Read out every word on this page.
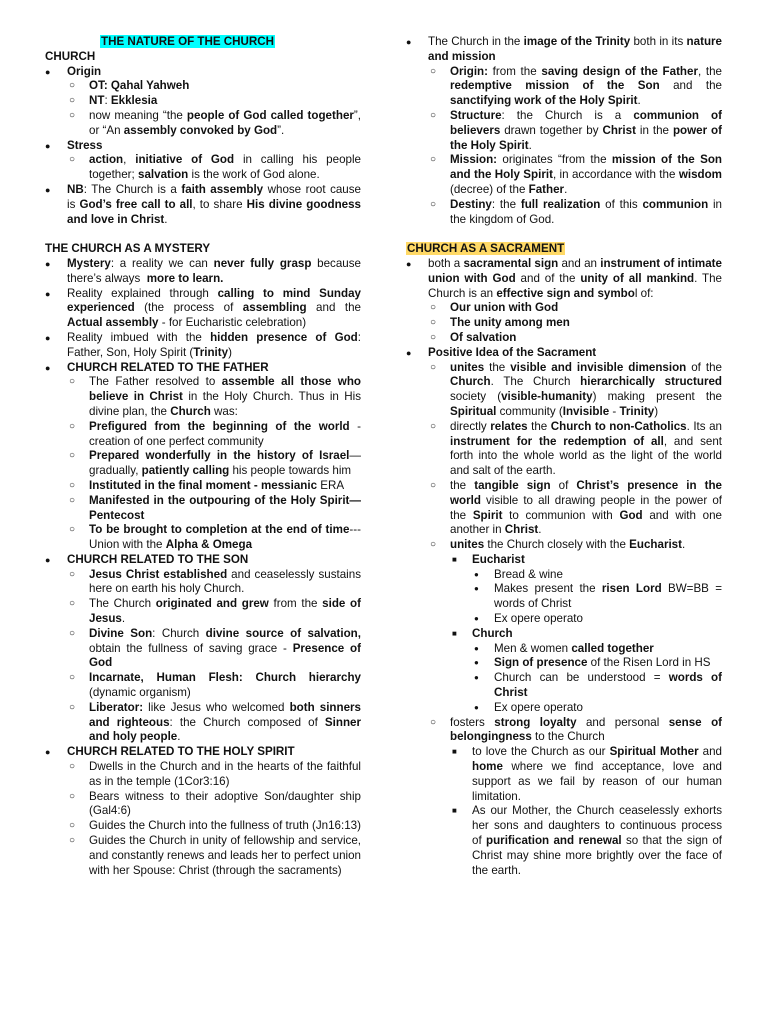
THE NATURE OF THE CHURCH
CHURCH
● Origin
○ OT: Qahal Yahweh
○ NT: Ekklesia
○ now meaning “the people of God called together”, or “An assembly convoked by God”.
● Stress
○ action, initiative of God in calling his people together; salvation is the work of God alone.
● NB: The Church is a faith assembly whose root cause is God’s free call to all, to share His divine goodness and love in Christ.
THE CHURCH AS A MYSTERY
● Mystery: a reality we can never fully grasp because there’s always  more to learn.
● Reality explained through calling to mind Sunday experienced (the process of assembling and the Actual assembly - for Eucharistic celebration)
● Reality imbued with the hidden presence of God: Father, Son, Holy Spirit (Trinity)
● CHURCH RELATED TO THE FATHER
○ The Father resolved to assemble all those who believe in Christ in the Holy Church. Thus in His divine plan, the Church was:
○ Prefigured from the beginning of the world - creation of one perfect community
○ Prepared wonderfully in the history of Israel—gradually, patiently calling his people towards him
○ Instituted in the final moment - messianic ERA
○ Manifested in the outpouring of the Holy Spirit—Pentecost
○ To be brought to completion at the end of time--- Union with the Alpha & Omega
● CHURCH RELATED TO THE SON
○ Jesus Christ established and ceaselessly sustains here on earth his holy Church.
○ The Church originated and grew from the side of Jesus.
○ Divine Son: Church divine source of salvation, obtain the fullness of saving grace - Presence of God
○ Incarnate, Human Flesh: Church hierarchy (dynamic organism)
○ Liberator: like Jesus who welcomed both sinners and righteous: the Church composed of Sinner and holy people.
● CHURCH RELATED TO THE HOLY SPIRIT
○ Dwells in the Church and in the hearts of the faithful as in the temple (1Cor3:16)
○ Bears witness to their adoptive Son/daughter ship (Gal4:6)
○ Guides the Church into the fullness of truth (Jn16:13)
○ Guides the Church in unity of fellowship and service, and constantly renews and leads her to perfect union with her Spouse: Christ (through the sacraments)
● The Church in the image of the Trinity both in its nature and mission
○ Origin: from the saving design of the Father, the redemptive mission of the Son and the sanctifying work of the Holy Spirit.
○ Structure: the Church is a communion of believers drawn together by Christ in the power of the Holy Spirit.
○ Mission: originates “from the mission of the Son and the Holy Spirit, in accordance with the wisdom (decree) of the Father.
○ Destiny: the full realization of this communion in the kingdom of God.
CHURCH AS A SACRAMENT
● both a sacramental sign and an instrument of intimate union with God and of the unity of all mankind. The Church is an effective sign and symbol of:
○ Our union with God
○ The unity among men
○ Of salvation
● Positive Idea of the Sacrament
○ unites the visible and invisible dimension of the Church. The Church hierarchically structured society (visible-humanity) making present the Spiritual community (Invisible - Trinity)
○ directly relates the Church to non-Catholics. Its an instrument for the redemption of all, and sent forth into the whole world as the light of the world and salt of the earth.
○ the tangible sign of Christ’s presence in the world visible to all drawing people in the power of the Spirit to communion with God and with one another in Christ.
○ unites the Church closely with the Eucharist.
■ Eucharist
● Bread & wine
● Makes present the risen Lord BW=BB = words of Christ
● Ex opere operato
■ Church
● Men & women called together
● Sign of presence of the Risen Lord in HS
● Church can be understood = words of Christ
● Ex opere operato
○ fosters strong loyalty and personal sense of belongingness to the Church
■ to love the Church as our Spiritual Mother and home where we find acceptance, love and support as we fail by reason of our human limitation.
■ As our Mother, the Church ceaselessly exhorts her sons and daughters to continuous process of purification and renewal so that the sign of Christ may shine more brightly over the face of the earth.
